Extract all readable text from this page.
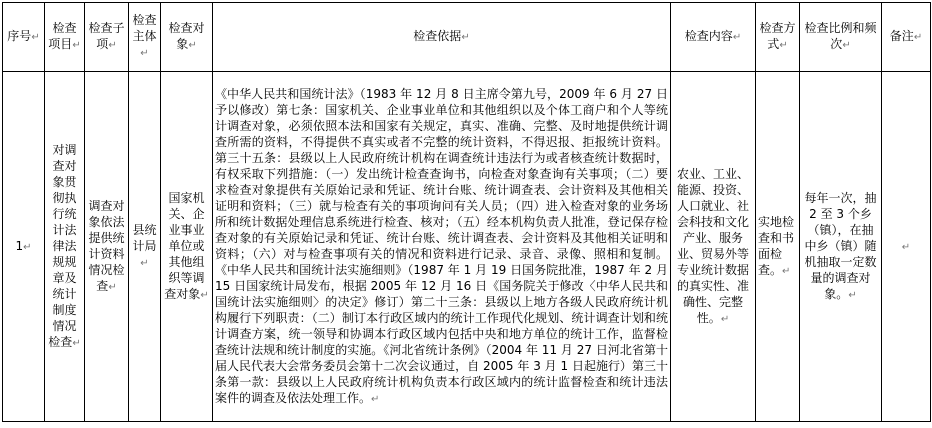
序号↵	检查项目↵	检查子项↵	检查主体↵	检查对象↵	检查依据↵	检查内容↵	检查方式↵	检查比例和频次↵	备注↵
1↵	对调查对象贯彻执行统计法律法规规章及统计制度情况检查↵	调查对象依法提供统计资料情况检查↵	县统计局↵	国家机关、企业事业单位或其他组织等调查对象↵	《中华人民共和国统计法》（1983 年 12 月 8 日主席令第九号，2009 年 6 月 27 日予以修改）第七条：国家机关、企业事业单位和其他组织以及个体工商户和个人等统计调查对象，必须依照本法和国家有关规定，真实、准确、完整、及时地提供统计调查所需的资料，不得提供不真实或者不完整的统计资料，不得迟报、拒报统计资料。第三十五条：县级以上人民政府统计机构在调查统计违法行为或者核查统计数据时，有权采取下列措施：（一）发出统计检查查询书，向检查对象查询有关事项；（二）要求检查对象提供有关原始记录和凭证、统计台账、统计调查表、会计资料及其他相关证明和资料；（三）就与检查有关的事项询问有关人员；（四）进入检查对象的业务场所和统计数据处理信息系统进行检查、核对；（五）经本机构负责人批准，登记保存检查对象的有关原始记录和凭证、统计台账、统计调查表、会计资料及其他相关证明和资料；（六）对与检查事项有关的情况和资料进行记录、录音、录像、照相和复制。《中华人民共和国统计法实施细则》（1987 年 1 月 19 日国务院批准，1987 年 2 月 15 日国家统计局发布，根据 2005 年 12 月 16 日《国务院关于修改〈中华人民共和国统计法实施细则〉的决定》修订）第二十三条：县级以上地方各级人民政府统计机构履行下列职责：（二）制订本行政区域内的统计工作现代化规划、统计调查计划和统计调查方案，统一领导和协调本行政区域内包括中央和地方单位的统计工作，监督检查统计法规和统计制度的实施。《河北省统计条例》（2004 年 11 月 27 日河北省第十届人民代表大会常务委员会第十二次会议通过，自 2005 年 3 月 1 日起施行）第三十条第一款：县级以上人民政府统计机构负责本行政区域内的统计监督检查和统计违法案件的调查及依法处理工作。↵	农业、工业、能源、投资、人口就业、社会科技和文化产业、服务业、贸易外等专业统计数据的真实性、准确性、完整性。↵	实地检查和书面检查。↵	每年一次，抽 2 至 3 个乡（镇），在抽中乡（镇）随机抽取一定数量的调查对象。↵	↵
